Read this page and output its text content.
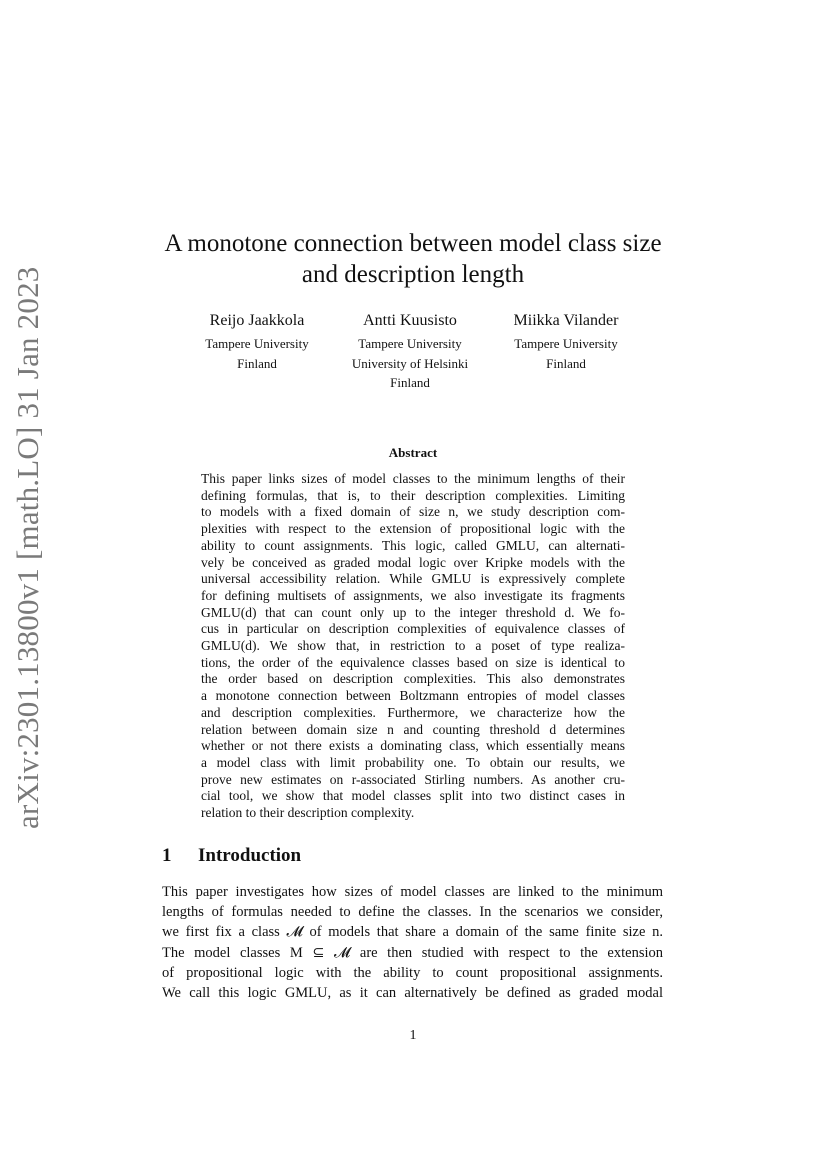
arXiv:2301.13800v1 [math.LO] 31 Jan 2023
A monotone connection between model class size
and description length
Reijo Jaakkola
Tampere University
Finland
Antti Kuusisto
Tampere University
University of Helsinki
Finland
Miikka Vilander
Tampere University
Finland
Abstract
This paper links sizes of model classes to the minimum lengths of their
defining formulas, that is, to their description complexities. Limiting
to models with a fixed domain of size n, we study description com-
plexities with respect to the extension of propositional logic with the
ability to count assignments. This logic, called GMLU, can alternati-
vely be conceived as graded modal logic over Kripke models with the
universal accessibility relation. While GMLU is expressively complete
for defining multisets of assignments, we also investigate its fragments
GMLU(d) that can count only up to the integer threshold d. We fo-
cus in particular on description complexities of equivalence classes of
GMLU(d). We show that, in restriction to a poset of type realiza-
tions, the order of the equivalence classes based on size is identical to
the order based on description complexities. This also demonstrates
a monotone connection between Boltzmann entropies of model classes
and description complexities. Furthermore, we characterize how the
relation between domain size n and counting threshold d determines
whether or not there exists a dominating class, which essentially means
a model class with limit probability one. To obtain our results, we
prove new estimates on r-associated Stirling numbers. As another cru-
cial tool, we show that model classes split into two distinct cases in
relation to their description complexity.
1 Introduction
This paper investigates how sizes of model classes are linked to the minimum
lengths of formulas needed to define the classes. In the scenarios we consider,
we first fix a class 𝓜 of models that share a domain of the same finite size n.
The model classes M ⊆ 𝓜 are then studied with respect to the extension
of propositional logic with the ability to count propositional assignments.
We call this logic GMLU, as it can alternatively be defined as graded modal
1
